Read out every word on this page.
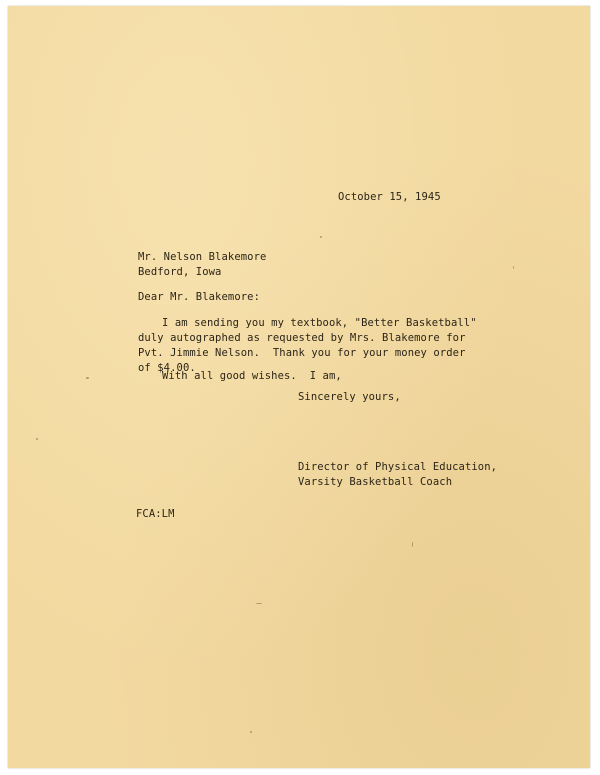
October 15, 1945
Mr. Nelson Blakemore
Bedford, Iowa
Dear Mr. Blakemore:
I am sending you my textbook, "Better Basketball"
duly autographed as requested by Mrs. Blakemore for
Pvt. Jimmie Nelson.  Thank you for your money order
of $4.00.
With all good wishes.  I am,
Sincerely yours,
Director of Physical Education,
Varsity Basketball Coach
FCA:LM
